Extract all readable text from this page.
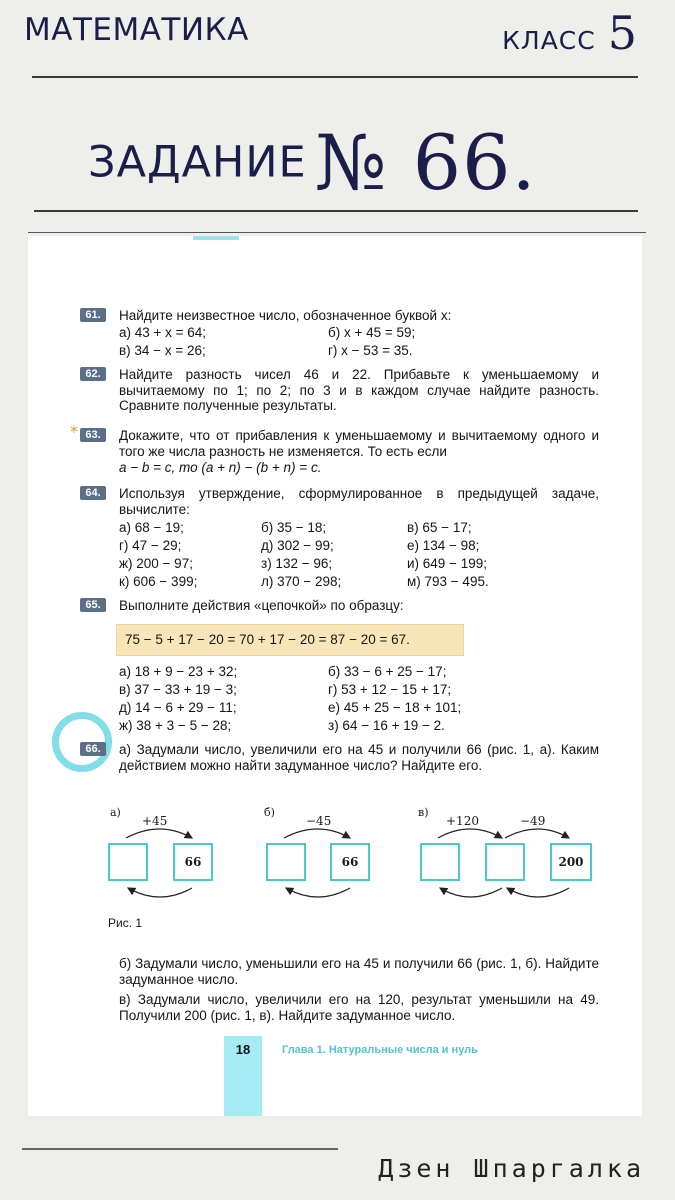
МАТЕМАТИКА	КЛАСС 5
ЗАДАНИЕ № 66.
61.	Найдите неизвестное число, обозначенное буквой x:
а) 43 + x = 64;	б) x + 45 = 59;
в) 34 − x = 26;	г) x − 53 = 35.
62.	Найдите разность чисел 46 и 22. Прибавьте к уменьшаемому и вычитаемому по 1; по 2; по 3 и в каждом случае найдите разность. Сравните полученные результаты.
* 63.	Докажите, что от прибавления к уменьшаемому и вычитаемому одного и того же числа разность не изменяется. То есть если
a − b = c, то (a + n) − (b + n) = c.
64.	Используя утверждение, сформулированное в предыдущей задаче, вычислите:
а) 68 − 19;	б) 35 − 18;	в) 65 − 17;
г) 47 − 29;	д) 302 − 99;	е) 134 − 98;
ж) 200 − 97;	з) 132 − 96;	и) 649 − 199;
к) 606 − 399;	л) 370 − 298;	м) 793 − 495.
65.	Выполните действия «цепочкой» по образцу:
75 − 5 + 17 − 20 = 70 + 17 − 20 = 87 − 20 = 67.
а) 18 + 9 − 23 + 32;	б) 33 − 6 + 25 − 17;
в) 37 − 33 + 19 − 3;	г) 53 + 12 − 15 + 17;
д) 14 − 6 + 29 − 11;	е) 45 + 25 − 18 + 101;
ж) 38 + 3 − 5 − 28;	з) 64 − 16 + 19 − 2.
66.	а) Задумали число, увеличили его на 45 и получили 66 (рис. 1, а). Каким действием можно найти задуманное число? Найдите его.
а)
+45
66
б)
−45
66
в)
+120	−49
200
Рис. 1
б) Задумали число, уменьшили его на 45 и получили 66 (рис. 1, б). Найдите задуманное число.
в) Задумали число, увеличили его на 120, результат уменьшили на 49. Получили 200 (рис. 1, в). Найдите задуманное число.
18	Глава 1. Натуральные числа и нуль
Дзен Шпаргалка
